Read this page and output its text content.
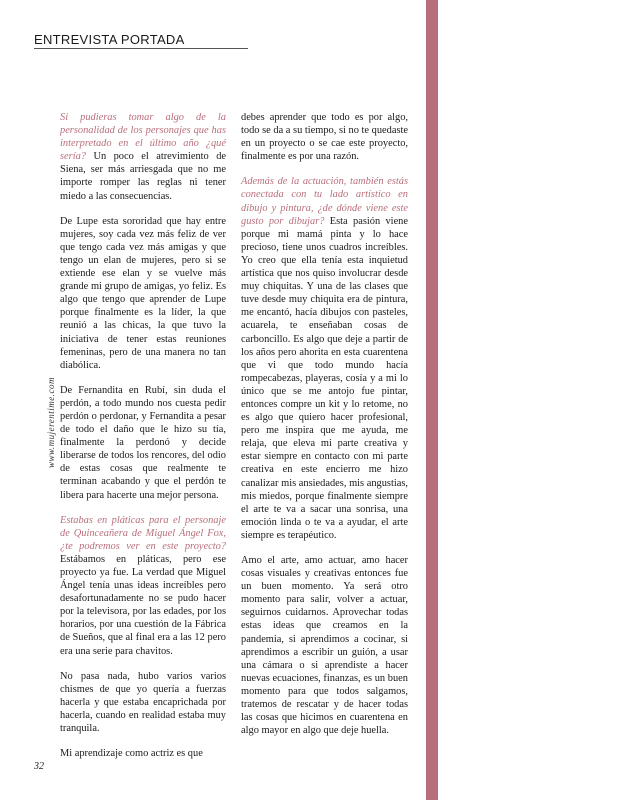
ENTREVISTA PORTADA
www.mujerentime.com

Si pudieras tomar algo de la personalidad de los personajes que has interpretado en el último año ¿qué sería? Un poco el atrevimiento de Siena, ser más arriesgada que no me importe romper las reglas ni tener miedo a las consecuencias.

De Lupe esta sororidad que hay entre mujeres, soy cada vez más feliz de ver que tengo cada vez más amigas y que tengo un elan de mujeres, pero si se extiende ese elan y se vuelve más grande mi grupo de amigas, yo feliz. Es algo que tengo que aprender de Lupe porque finalmente es la líder, la que reunió a las chicas, la que tuvo la iniciativa de tener estas reuniones femeninas, pero de una manera no tan diabólica.

De Fernandita en Rubí, sin duda el perdón, a todo mundo nos cuesta pedir perdón o perdonar, y Fernandita a pesar de todo el daño que le hizo su tía, finalmente la perdonó y decide liberarse de todos los rencores, del odio de estas cosas que realmente te terminan acabando y que el perdón te libera para hacerte una mejor persona.

Estabas en pláticas para el personaje de Quinceañera de Miguel Ángel Fox, ¿te podremos ver en este proyecto? Estábamos en pláticas, pero ese proyecto ya fue. La verdad que Miguel Ángel tenía unas ideas increíbles pero desafortunadamente no se pudo hacer por la televisora, por las edades, por los horarios, por una cuestión de la Fábrica de Sueños, que al final era a las 12 pero era una serie para chavitos.

No pasa nada, hubo varios varios chismes de que yo quería a fuerzas hacerla y que estaba encaprichada por hacerla, cuando en realidad estaba muy tranquila.

Mi aprendizaje como actriz es que

debes aprender que todo es por algo, todo se da a su tiempo, si no te quedaste en un proyecto o se cae este proyecto, finalmente es por una razón.

Además de la actuación, también estás conectada con tu lado artístico en dibujo y pintura, ¿de dónde viene este gusto por dibujar? Esta pasión viene porque mi mamá pinta y lo hace precioso, tiene unos cuadros increíbles. Yo creo que ella tenía esta inquietud artística que nos quiso involucrar desde muy chiquitas. Y una de las clases que tuve desde muy chiquita era de pintura, me encantó, hacía dibujos con pasteles, acuarela, te enseñaban cosas de carboncillo. Es algo que deje a partir de los años pero ahorita en esta cuarentena que vi que todo mundo hacía rompecabezas, playeras, cosía y a mi lo único que se me antojo fue pintar, entonces compre un kit y lo retome, no es algo que quiero hacer profesional, pero me inspira que me ayuda, me relaja, que eleva mi parte creativa y estar siempre en contacto con mi parte creativa en este encierro me hizo canalizar mis ansiedades, mis angustias, mis miedos, porque finalmente siempre el arte te va a sacar una sonrisa, una emoción linda o te va a ayudar, el arte siempre es terapéutico.

Amo el arte, amo actuar, amo hacer cosas visuales y creativas entonces fue un buen momento. Ya será otro momento para salir, volver a actuar, seguirnos cuidarnos. Aprovechar todas estas ideas que creamos en la pandemia, si aprendimos a cocinar, si aprendimos a escribir un guión, a usar una cámara o si aprendiste a hacer nuevas ecuaciones, finanzas, es un buen momento para que todos salgamos, tratemos de rescatar y de hacer todas las cosas que hicimos en cuarentena en algo mayor en algo que deje huella.

32
